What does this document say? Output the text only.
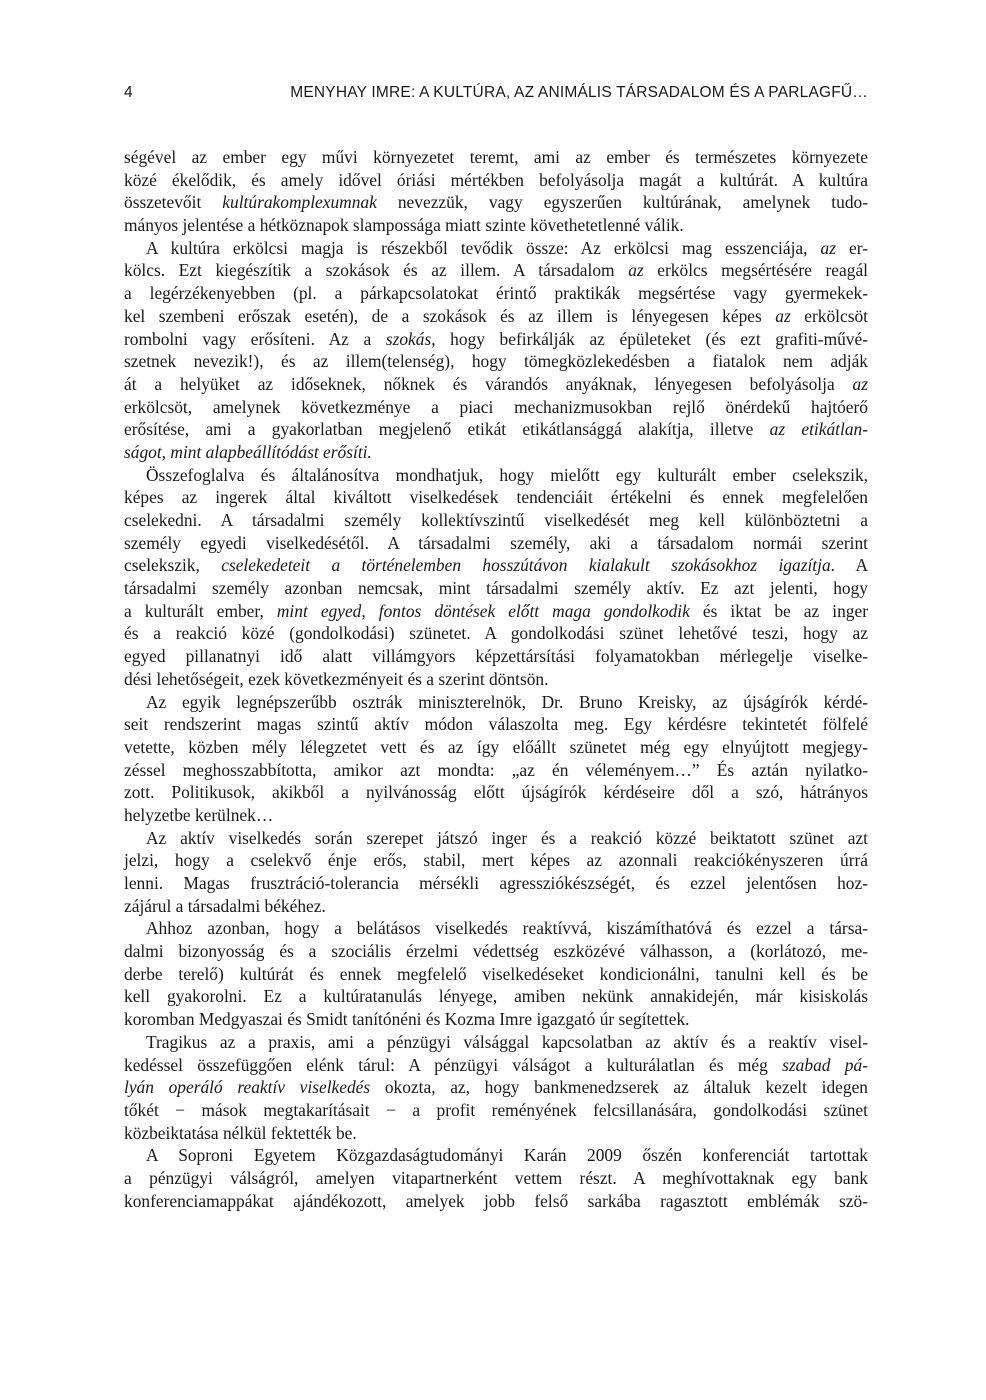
4	MENYHAY IMRE: A KULTÚRA, AZ ANIMÁLIS TÁRSADALOM ÉS A PARLAGFŰ…
ségével az ember egy művi környezetet teremt, ami az ember és természetes környezete
közé ékelődik, és amely idővel óriási mértékben befolyásolja magát a kultúrát. A kultúra
összetevőit kultúrakomplexumnak nevezzük, vagy egyszerűen kultúrának, amelynek tudo-
mányos jelentése a hétköznapok slampossága miatt szinte követhetetlenné válik.
A kultúra erkölcsi magja is részekből tevődik össze: Az erkölcsi mag esszenciája, az er-
kölcs. Ezt kiegészítik a szokások és az illem. A társadalom az erkölcs megsértésére reagál
a legérzékenyebben (pl. a párkapcsolatokat érintő praktikák megsértése vagy gyermekek-
kel szembeni erőszak esetén), de a szokások és az illem is lényegesen képes az erkölcsöt
rombolni vagy erősíteni. Az a szokás, hogy befirkálják az épületeket (és ezt grafiti-művé-
szetnek nevezik!), és az illem(telenség), hogy tömegközlekedésben a fiatalok nem adják
át a helyüket az időseknek, nőknek és várandós anyáknak, lényegesen befolyásolja az
erkölcsöt, amelynek következménye a piaci mechanizmusokban rejlő önérdekű hajtóerő
erősítése, ami a gyakorlatban megjelenő etikát etikátlansággá alakítja, illetve az etikátlan-
ságot, mint alapbeállítódást erősíti.
Összefoglalva és általánosítva mondhatjuk, hogy mielőtt egy kulturált ember cselekszik,
képes az ingerek által kiváltott viselkedések tendenciáit értékelni és ennek megfelelően
cselekedni. A társadalmi személy kollektívszintű viselkedését meg kell különböztetni a
személy egyedi viselkedésétől. A társadalmi személy, aki a társadalom normái szerint
cselekszik, cselekedeteit a történelemben hosszútávon kialakult szokásokhoz igazítja. A
társadalmi személy azonban nemcsak, mint társadalmi személy aktív. Ez azt jelenti, hogy
a kulturált ember, mint egyed, fontos döntések előtt maga gondolkodik és iktat be az inger
és a reakció közé (gondolkodási) szünetet. A gondolkodási szünet lehetővé teszi, hogy az
egyed pillanatnyi idő alatt villámgyors képzettársítási folyamatokban mérlegelje viselke-
dési lehetőségeit, ezek következményeit és a szerint döntsön.
Az egyik legnépszerűbb osztrák miniszterelnök, Dr. Bruno Kreisky, az újságírók kérdé-
seit rendszerint magas szintű aktív módon válaszolta meg. Egy kérdésre tekintetét fölfelé
vetette, közben mély lélegzetet vett és az így előállt szünetet még egy elnyújtott megjegy-
zéssel meghosszabbította, amikor azt mondta: „az én véleményem…” És aztán nyilatko-
zott. Politikusok, akikből a nyilvánosság előtt újságírók kérdéseire dől a szó, hátrányos
helyzetbe kerülnek…
Az aktív viselkedés során szerepet játszó inger és a reakció közzé beiktatott szünet azt
jelzi, hogy a cselekvő énje erős, stabil, mert képes az azonnali reakciókényszeren úrrá
lenni. Magas frusztráció-tolerancia mérsékli agressziókészségét, és ezzel jelentősen hoz-
zájárul a társadalmi békéhez.
Ahhoz azonban, hogy a belátásos viselkedés reaktívvá, kiszámíthatóvá és ezzel a társa-
dalmi bizonyosság és a szociális érzelmi védettség eszközévé válhasson, a (korlátozó, me-
derbe terelő) kultúrát és ennek megfelelő viselkedéseket kondicionálni, tanulni kell és be
kell gyakorolni. Ez a kultúratanulás lényege, amiben nekünk annakidején, már kisiskolás
koromban Medgyaszai és Smidt tanítónéni és Kozma Imre igazgató úr segítettek.
Tragikus az a praxis, ami a pénzügyi válsággal kapcsolatban az aktív és a reaktív visel-
kedéssel összefüggően elénk tárul: A pénzügyi válságot a kulturálatlan és még szabad pá-
lyán operáló reaktív viselkedés okozta, az, hogy bankmenedzserek az általuk kezelt idegen
tőkét − mások megtakarításait − a profit reményének felcsillanására, gondolkodási szünet
közbeiktatása nélkül fektették be.
A Soproni Egyetem Közgazdaságtudományi Karán 2009 őszén konferenciát tartottak
a pénzügyi válságról, amelyen vitapartnerként vettem részt. A meghívottaknak egy bank
konferenciamappákat ajándékozott, amelyek jobb felső sarkába ragasztott emblémák szö-
